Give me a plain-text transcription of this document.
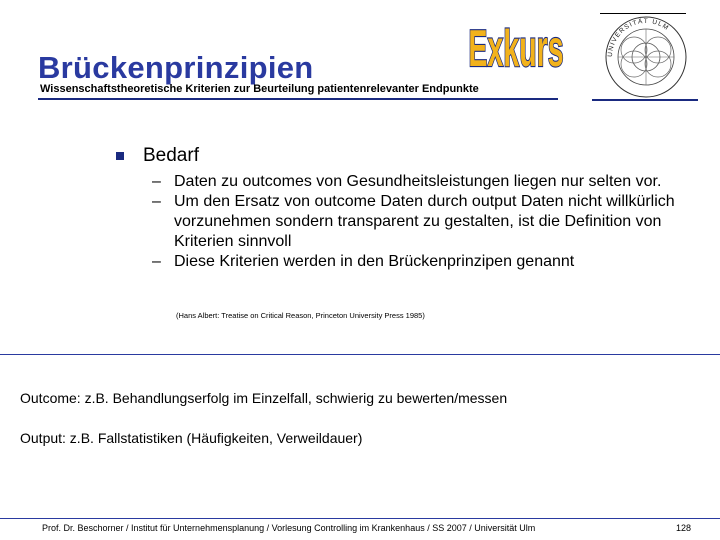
Brückenprinzipien
Wissenschaftstheoretische Kriterien zur Beurteilung patientenrelevanter Endpunkte
Exkurs	UNIVERSITÄT ULM
Bedarf
– Daten zu outcomes von Gesundheitsleistungen liegen nur selten vor.
– Um den Ersatz von outcome Daten durch output Daten nicht willkürlich vorzunehmen sondern transparent zu gestalten, ist die Definition von Kriterien sinnvoll
– Diese Kriterien werden in den Brückenprinzipen genannt
(Hans Albert: Treatise on Critical Reason, Princeton University Press 1985)
Outcome: z.B. Behandlungserfolg im Einzelfall, schwierig zu bewerten/messen
Output: z.B. Fallstatistiken (Häufigkeiten, Verweildauer)
Prof. Dr. Beschorner / Institut für Unternehmensplanung / Vorlesung Controlling im Krankenhaus / SS 2007 / Universität Ulm	128
